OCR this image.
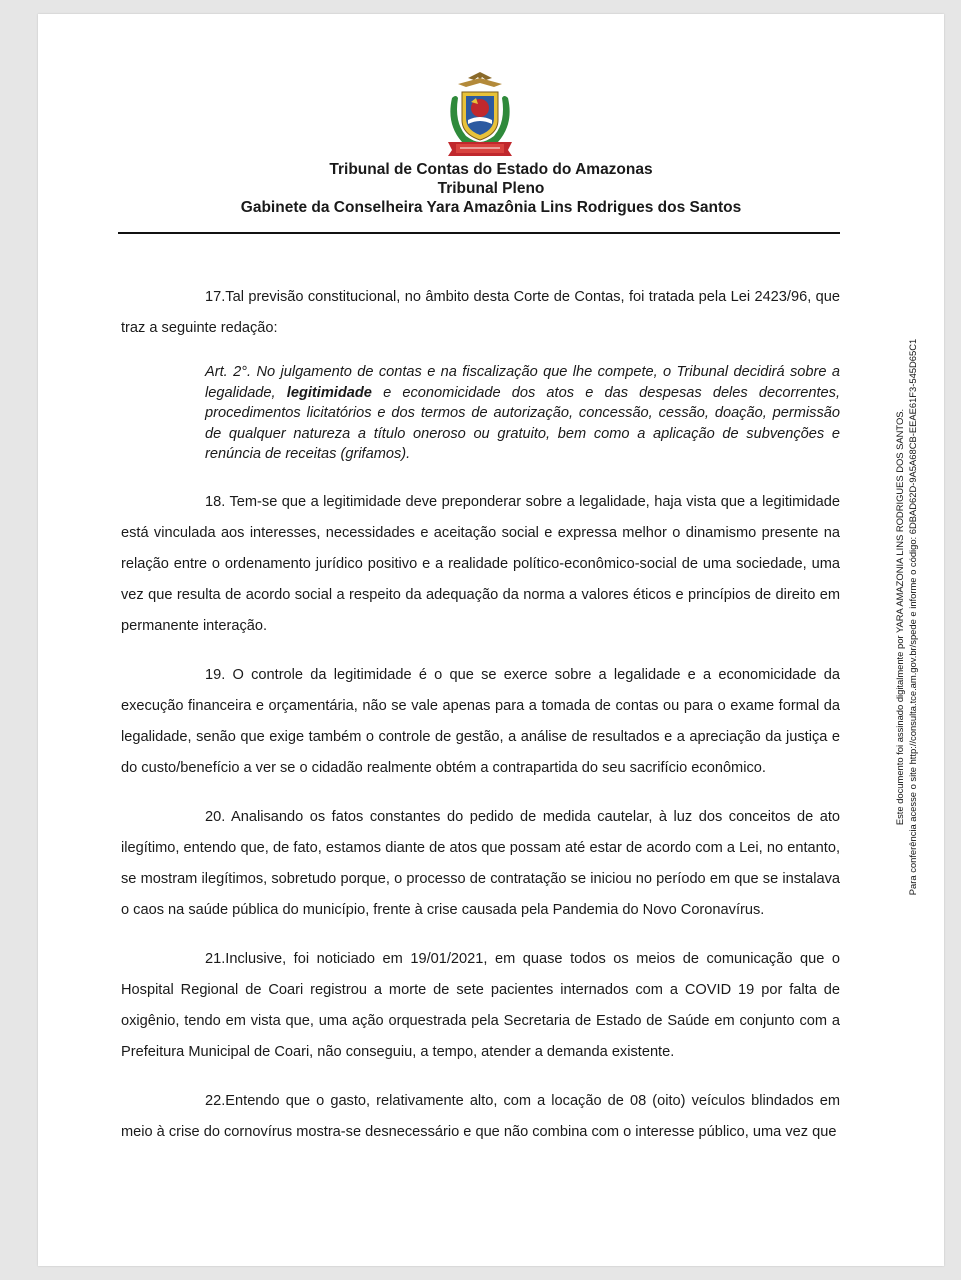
Tribunal de Contas do Estado do Amazonas
Tribunal Pleno
Gabinete da Conselheira Yara Amazônia Lins Rodrigues dos Santos

17.Tal previsão constitucional, no âmbito desta Corte de Contas, foi tratada pela Lei 2423/96, que traz a seguinte redação:

Art. 2°. No julgamento de contas e na fiscalização que lhe compete, o Tribunal decidirá sobre a legalidade, legitimidade e economicidade dos atos e das despesas deles decorrentes, procedimentos licitatórios e dos termos de autorização, concessão, cessão, doação, permissão de qualquer natureza a título oneroso ou gratuito, bem como a aplicação de subvenções e renúncia de receitas (grifamos).

18. Tem-se que a legitimidade deve preponderar sobre a legalidade, haja vista que a legitimidade está vinculada aos interesses, necessidades e aceitação social e expressa melhor o dinamismo presente na relação entre o ordenamento jurídico positivo e a realidade político-econômico-social de uma sociedade, uma vez que resulta de acordo social a respeito da adequação da norma a valores éticos e princípios de direito em permanente interação.

19. O controle da legitimidade é o que se exerce sobre a legalidade e a economicidade da execução financeira e orçamentária, não se vale apenas para a tomada de contas ou para o exame formal da legalidade, senão que exige também o controle de gestão, a análise de resultados e a apreciação da justiça e do custo/benefício a ver se o cidadão realmente obtém a contrapartida do seu sacrifício econômico.

20. Analisando os fatos constantes do pedido de medida cautelar, à luz dos conceitos de ato ilegítimo, entendo que, de fato, estamos diante de atos que possam até estar de acordo com a Lei, no entanto, se mostram ilegítimos, sobretudo porque, o processo de contratação se iniciou no período em que se instalava o caos na saúde pública do município, frente à crise causada pela Pandemia do Novo Coronavírus.

21.Inclusive, foi noticiado em 19/01/2021, em quase todos os meios de comunicação que o Hospital Regional de Coari registrou a morte de sete pacientes internados com a COVID 19 por falta de oxigênio, tendo em vista que, uma ação orquestrada pela Secretaria de Estado de Saúde em conjunto com a Prefeitura Municipal de Coari, não conseguiu, a tempo, atender a demanda existente.

22.Entendo que o gasto, relativamente alto, com a locação de 08 (oito) veículos blindados em meio à crise do cornovírus mostra-se desnecessário e que não combina com o interesse público, uma vez que

Este documento foi assinado digitalmente por YARA AMAZONIA LINS RODRIGUES DOS SANTOS. Para conferência acesse o site http://consulta.tce.am.gov.br/spede e informe o código: 6DBAD62D-9A5A68CB-EEAE61F3-545D65C1
